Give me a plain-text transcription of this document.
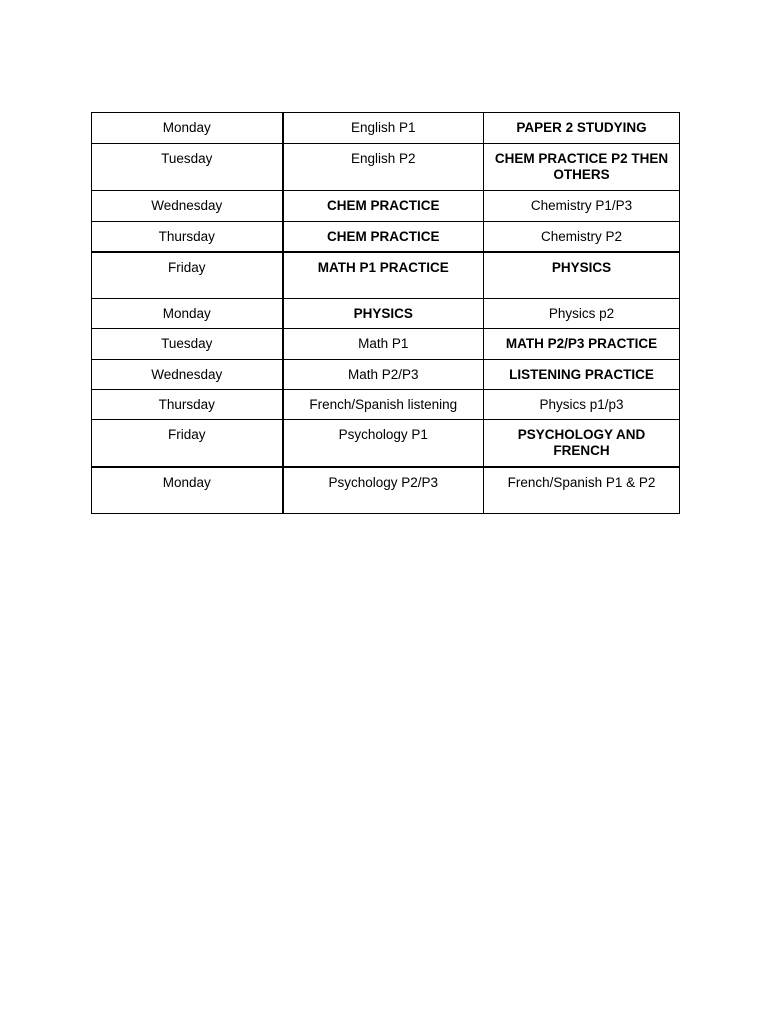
Monday	English P1	PAPER 2 STUDYING
Tuesday	English P2	CHEM PRACTICE P2 THEN OTHERS
Wednesday	CHEM PRACTICE	Chemistry P1/P3
Thursday	CHEM PRACTICE	Chemistry P2
Friday	MATH P1 PRACTICE	PHYSICS
Monday	PHYSICS	Physics p2
Tuesday	Math P1	MATH P2/P3 PRACTICE
Wednesday	Math P2/P3	LISTENING PRACTICE
Thursday	French/Spanish listening	Physics p1/p3
Friday	Psychology P1	PSYCHOLOGY AND FRENCH
Monday	Psychology P2/P3	French/Spanish P1 & P2
